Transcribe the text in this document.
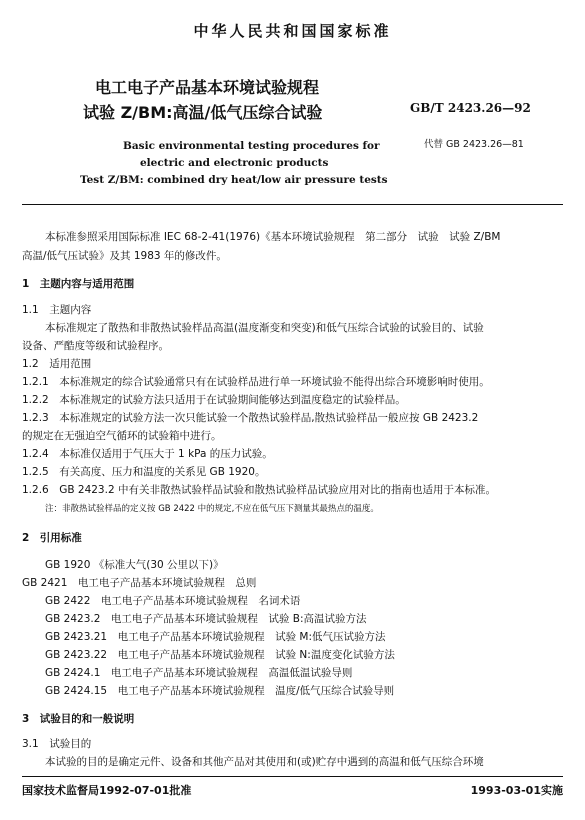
中华人民共和国国家标准
电工电子产品基本环境试验规程
试验 Z/BM:高温/低气压综合试验	GB/T 2423.26—92
Basic environmental testing procedures for
electric and electronic products
Test Z/BM: combined dry heat/low air pressure tests
代替 GB 2423.26—81
本标准参照采用国际标准 IEC 68-2-41(1976)《基本环境试验规程　第二部分　试验　试验 Z/BM
高温/低气压试验》及其 1983 年的修改件。
1　主题内容与适用范围
1.1　主题内容
本标准规定了散热和非散热试验样品高温(温度渐变和突变)和低气压综合试验的试验目的、试验
设备、严酷度等级和试验程序。
1.2　适用范围
1.2.1　本标准规定的综合试验通常只有在试验样品进行单一环境试验不能得出综合环境影响时使用。
1.2.2　本标准规定的试验方法只适用于在试验期间能够达到温度稳定的试验样品。
1.2.3　本标准规定的试验方法一次只能试验一个散热试验样品,散热试验样品一般应按 GB 2423.2
的规定在无强迫空气循环的试验箱中进行。
1.2.4　本标准仅适用于气压大于 1 kPa 的压力试验。
1.2.5　有关高度、压力和温度的关系见 GB 1920。
1.2.6　GB 2423.2 中有关非散热试验样品试验和散热试验样品试验应用对比的指南也适用于本标准。
注：非散热试验样品的定义按 GB 2422 中的规定,不应在低气压下测量其最热点的温度。
2　引用标准
GB 1920 《标准大气(30 公里以下)》
GB 2421　电工电子产品基本环境试验规程　总则
GB 2422　电工电子产品基本环境试验规程　名词术语
GB 2423.2　电工电子产品基本环境试验规程　试验 B:高温试验方法
GB 2423.21　电工电子产品基本环境试验规程　试验 M:低气压试验方法
GB 2423.22　电工电子产品基本环境试验规程　试验 N:温度变化试验方法
GB 2424.1　电工电子产品基本环境试验规程　高温低温试验导则
GB 2424.15　电工电子产品基本环境试验规程　温度/低气压综合试验导则
3　试验目的和一般说明
3.1　试验目的
本试验的目的是确定元件、设备和其他产品对其使用和(或)贮存中遇到的高温和低气压综合环境
国家技术监督局1992-07-01批准	1993-03-01实施
